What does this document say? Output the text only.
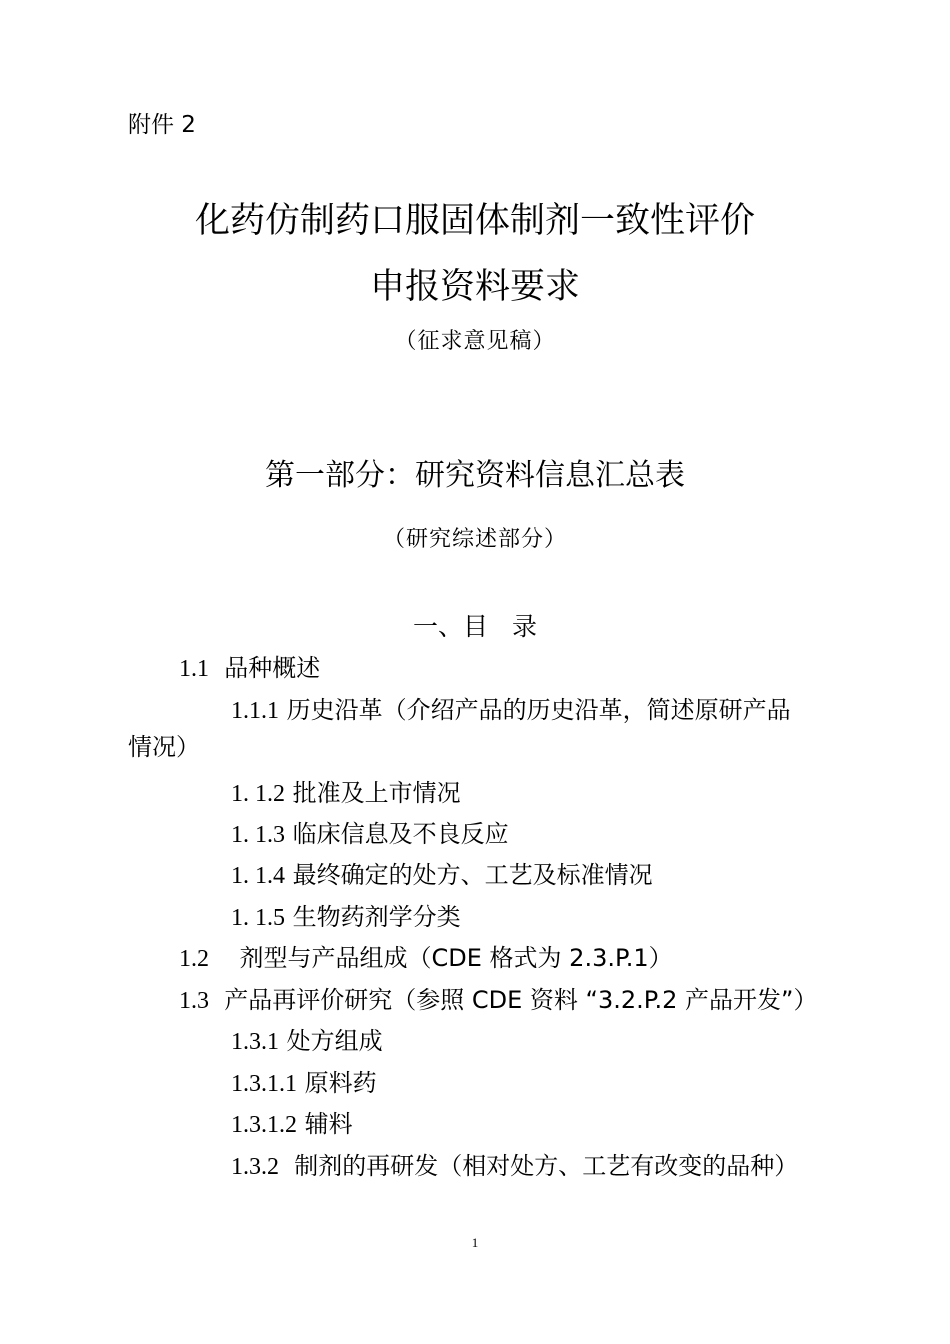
附件 2
化药仿制药口服固体制剂一致性评价
申报资料要求
（征求意见稿）
第一部分：研究资料信息汇总表
（研究综述部分）
一、目 录
1.1 品种概述
1.1.1 历史沿革（介绍产品的历史沿革，简述原研产品
情况）
1. 1.2 批准及上市情况
1. 1.3 临床信息及不良反应
1. 1.4 最终确定的处方、工艺及标准情况
1. 1.5 生物药剂学分类
1.2 剂型与产品组成（CDE 格式为 2.3.P.1）
1.3 产品再评价研究（参照 CDE 资料 “3.2.P.2 产品开发”）
1.3.1 处方组成
1.3.1.1 原料药
1.3.1.2 辅料
1.3.2 制剂的再研发（相对处方、工艺有改变的品种）
1
